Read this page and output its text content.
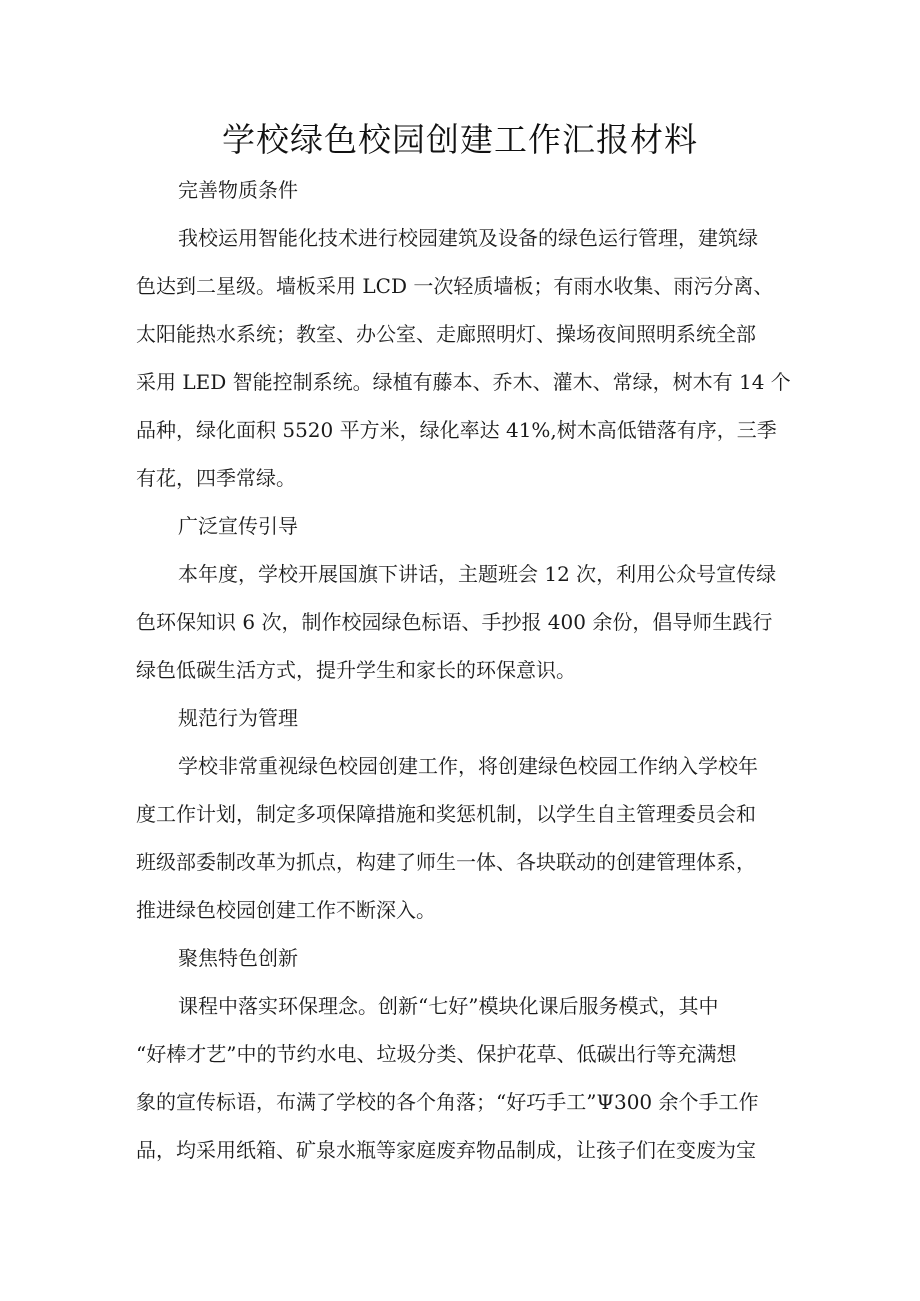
学校绿色校园创建工作汇报材料

完善物质条件

我校运用智能化技术进行校园建筑及设备的绿色运行管理，建筑绿

色达到二星级。墙板采用 LCD 一次轻质墙板；有雨水收集、雨污分离、

太阳能热水系统；教室、办公室、走廊照明灯、操场夜间照明系统全部

采用 LED 智能控制系统。绿植有藤本、乔木、灌木、常绿，树木有 14 个

品种，绿化面积 5520 平方米，绿化率达 41%,树木高低错落有序，三季

有花，四季常绿。

广泛宣传引导

本年度，学校开展国旗下讲话，主题班会 12 次，利用公众号宣传绿

色环保知识 6 次，制作校园绿色标语、手抄报 400 余份，倡导师生践行

绿色低碳生活方式，提升学生和家长的环保意识。

规范行为管理

学校非常重视绿色校园创建工作，将创建绿色校园工作纳入学校年

度工作计划，制定多项保障措施和奖惩机制，以学生自主管理委员会和

班级部委制改革为抓点，构建了师生一体、各块联动的创建管理体系，

推进绿色校园创建工作不断深入。

聚焦特色创新

课程中落实环保理念。创新“七好”模块化课后服务模式，其中

“好棒才艺”中的节约水电、垃圾分类、保护花草、低碳出行等充满想

象的宣传标语，布满了学校的各个角落；“好巧手工”Ψ300 余个手工作

品，均采用纸箱、矿泉水瓶等家庭废弃物品制成，让孩子们在变废为宝
